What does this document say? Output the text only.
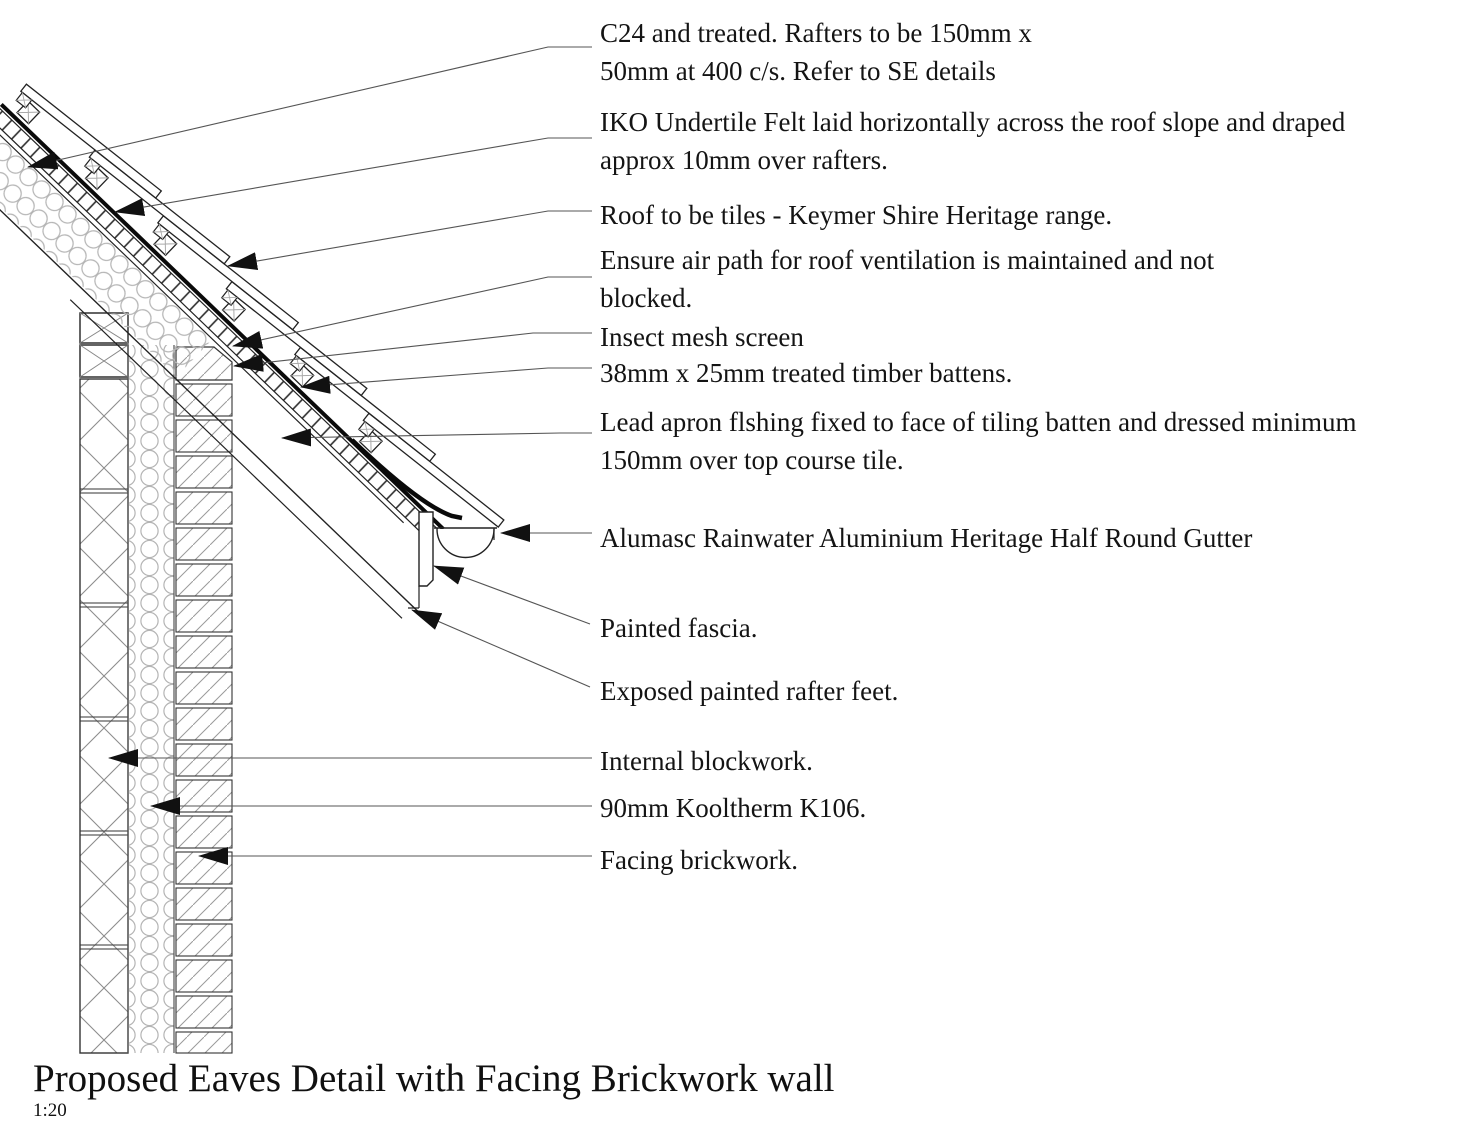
C24 and treated. Rafters to be 150mm x
50mm at 400 c/s. Refer to SE details
IKO Undertile Felt laid horizontally across the roof slope and draped
approx 10mm over rafters.
Roof to be tiles - Keymer Shire Heritage range.
Ensure air path for roof ventilation is maintained and not
blocked.
Insect mesh screen
38mm x 25mm treated timber battens.
Lead apron flshing fixed to face of tiling batten and dressed minimum
150mm over top course tile.
Alumasc Rainwater Aluminium Heritage Half Round Gutter
Painted fascia.
Exposed painted rafter feet.
Internal blockwork.
90mm Kooltherm K106.
Facing brickwork.
Proposed Eaves Detail with Facing Brickwork wall
1:20
